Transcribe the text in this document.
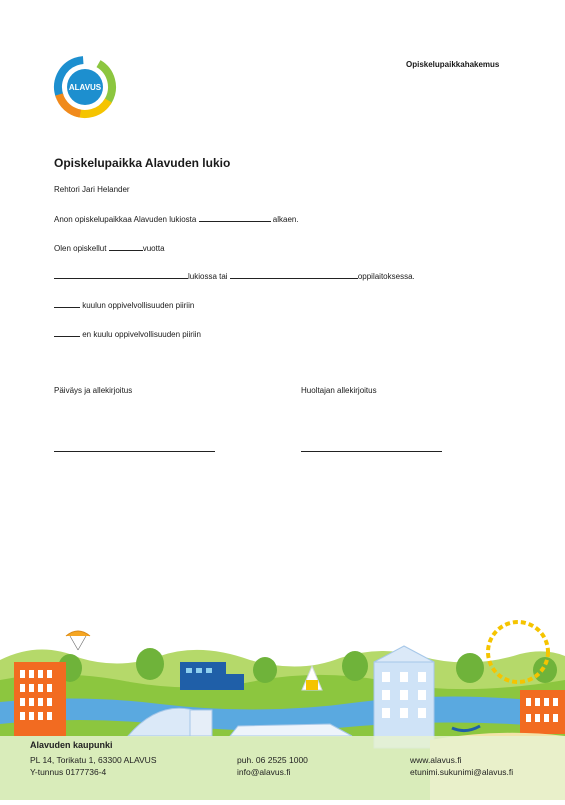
ALAVUS
Opiskelupaikkahakemus
Opiskelupaikka Alavuden lukio
Rehtori Jari Helander
Anon opiskelupaikkaa Alavuden lukiosta	alkaen.
Olen opiskellut	vuotta
lukiossa tai	oppilaitoksessa.
kuulun oppivelvollisuuden piiriin
en kuulu oppivelvollisuuden piiriin
Päiväys ja allekirjoitus	Huoltajan allekirjoitus
Alavuden kaupunki
PL 14, Torikatu 1, 63300 ALAVUS
Y-tunnus 0177736-4
puh. 06 2525 1000
info@alavus.fi
www.alavus.fi
etunimi.sukunimi@alavus.fi
